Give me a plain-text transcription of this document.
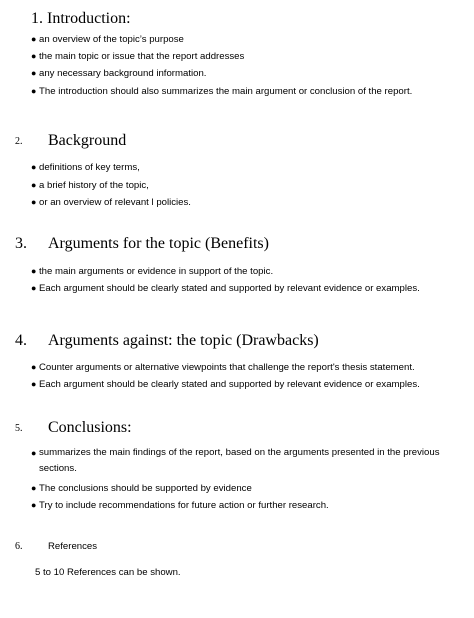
1. Introduction:
● an overview of the topic’s purpose
● the main topic or issue that the report addresses
● any necessary background information.
● The introduction should also summarizes the main argument or conclusion of the report.
2. Background
● definitions of key terms,
● a brief history of the topic,
● or an overview of relevant l policies.
3. Arguments for the topic (Benefits)
● the main arguments or evidence in support of the topic.
● Each argument should be clearly stated and supported by relevant evidence or examples.
4. Arguments against: the topic (Drawbacks)
● Counter arguments or alternative viewpoints that challenge the report's thesis statement.
● Each argument should be clearly stated and supported by relevant evidence or examples.
5. Conclusions:
● summarizes the main findings of the report, based on the arguments presented in the previous sections.
● The conclusions should be supported by evidence
● Try to include recommendations for future action or further research.
6.	References
5 to 10 References can be shown.
